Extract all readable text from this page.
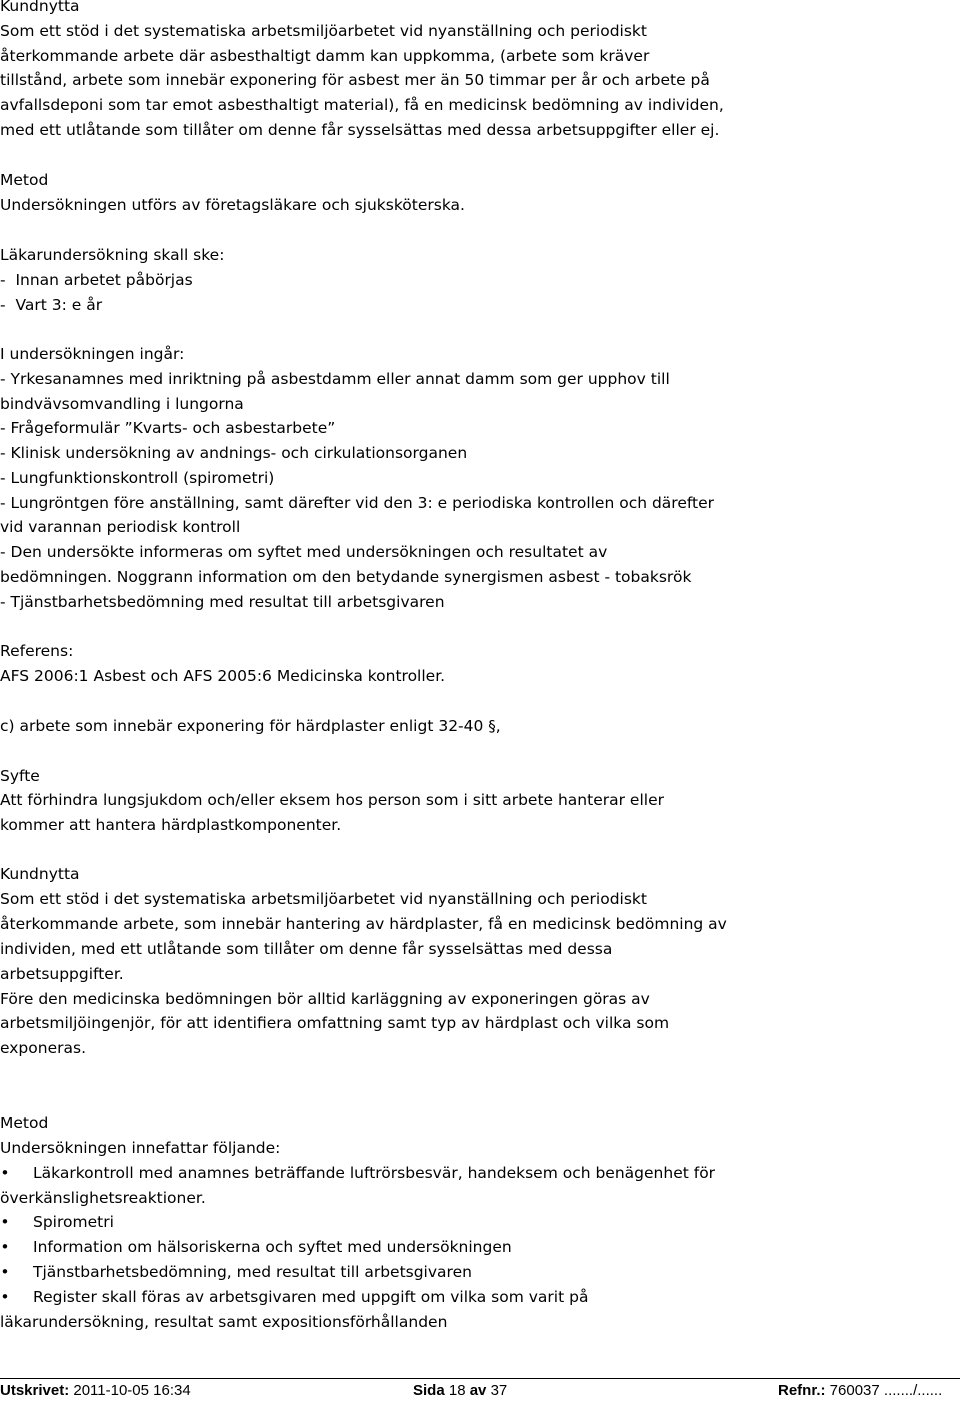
Kundnytta

Som ett stöd i det systematiska arbetsmiljöarbetet vid nyanställning och periodiskt

återkommande arbete där asbesthaltigt damm kan uppkomma, (arbete som kräver

tillstånd, arbete som innebär exponering för asbest mer än 50 timmar per år och arbete på

avfallsdeponi som tar emot asbesthaltigt material), få en medicinsk bedömning av individen,

med ett utlåtande som tillåter om denne får sysselsättas med dessa arbetsuppgifter eller ej.

Metod

Undersökningen utförs av företagsläkare och sjuksköterska.

Läkarundersökning skall ske:

-  Innan arbetet påbörjas

-  Vart 3: e år

I undersökningen ingår:

- Yrkesanamnes med inriktning på asbestdamm eller annat damm som ger upphov till

bindvävsomvandling i lungorna

- Frågeformulär ”Kvarts- och asbestarbete”

- Klinisk undersökning av andnings- och cirkulationsorganen

- Lungfunktionskontroll (spirometri)

- Lungröntgen före anställning, samt därefter vid den 3: e periodiska kontrollen och därefter

vid varannan periodisk kontroll

- Den undersökte informeras om syftet med undersökningen och resultatet av

bedömningen. Noggrann information om den betydande synergismen asbest - tobaksrök

- Tjänstbarhetsbedömning med resultat till arbetsgivaren

Referens:

AFS 2006:1 Asbest och AFS 2005:6 Medicinska kontroller.

c) arbete som innebär exponering för härdplaster enligt 32-40 §,

Syfte

Att förhindra lungsjukdom och/eller eksem hos person som i sitt arbete hanterar eller

kommer att hantera härdplastkomponenter.

Kundnytta

Som ett stöd i det systematiska arbetsmiljöarbetet vid nyanställning och periodiskt

återkommande arbete, som innebär hantering av härdplaster, få en medicinsk bedömning av

individen, med ett utlåtande som tillåter om denne får sysselsättas med dessa

arbetsuppgifter.

Före den medicinska bedömningen bör alltid karläggning av exponeringen göras av

arbetsmiljöingenjör, för att identifiera omfattning samt typ av härdplast och vilka som

exponeras.

Metod

Undersökningen innefattar följande:

• Läkarkontroll med anamnes beträffande luftrörsbesvär, handeksem och benägenhet för

överkänslighetsreaktioner.

• Spirometri
• Information om hälsoriskerna och syftet med undersökningen
• Tjänstbarhetsbedömning, med resultat till arbetsgivaren
• Register skall föras av arbetsgivaren med uppgift om vilka som varit på

läkarundersökning, resultat samt expositionsförhållanden

Utskrivet: 2011-10-05 16:34	Sida 18 av 37	Refnr.: 760037 ......./......
